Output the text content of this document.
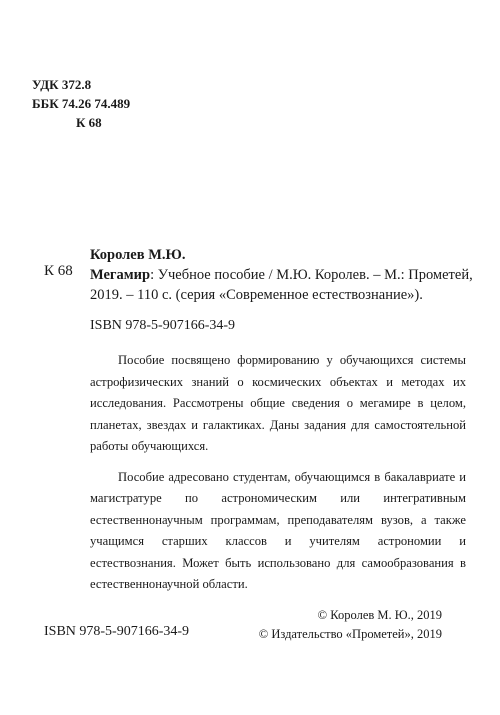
УДК 372.8
ББК 74.26 74.489
К 68
К 68
Королев М.Ю.
Мегамир: Учебное пособие / М.Ю. Королев. – М.: Прометей,
2019. – 110 с. (серия «Современное естествознание»).
ISBN 978-5-907166-34-9

Пособие посвящено формированию у обучающихся системы астрофизических знаний о космических объектах и методах их исследования. Рассмотрены общие сведения о мегамире в целом, планетах, звездах и галактиках. Даны задания для самостоятельной работы обучающихся.

Пособие адресовано студентам, обучающимся в бакалавриате и магистратуре по астрономическим или интегративным естественнонаучным программам, преподавателям вузов, а также учащимся старших классов и учителям астрономии и естествознания. Может быть использовано для самообразования в естественнонаучной области.

ISBN 978-5-907166-34-9
© Королев М. Ю., 2019
© Издательство «Прометей», 2019
